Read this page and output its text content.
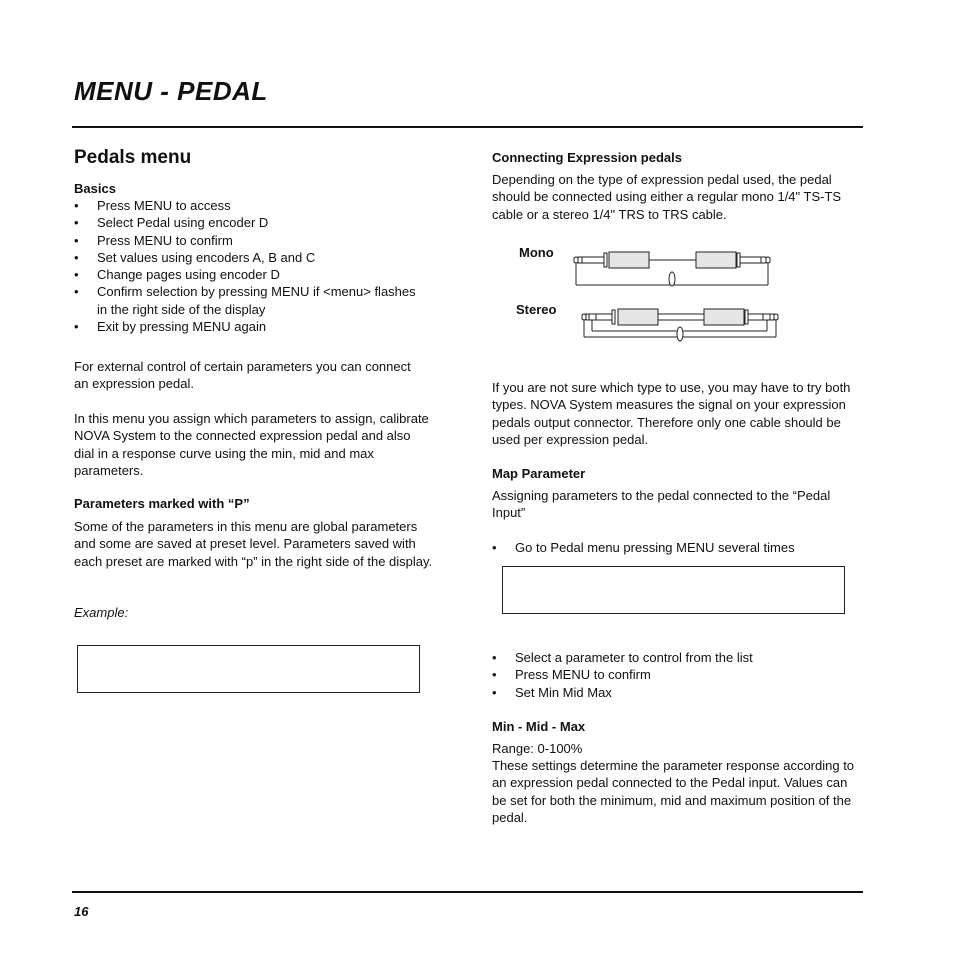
MENU - PEDAL
Pedals menu
Basics
• Press MENU to access
• Select Pedal using encoder D
• Press MENU to confirm
• Set values using encoders A, B and C
• Change pages using encoder D
• Confirm selection by pressing MENU if <menu> flashes in the right side of the display
• Exit by pressing MENU again
For external control of certain parameters you can connect an expression pedal.
In this menu you assign which parameters to assign, calibrate NOVA System to the connected expression pedal and also dial in a response curve using the min, mid and max parameters.
Parameters marked with “P”
Some of the parameters in this menu are global parameters and some are saved at preset level. Parameters saved with each preset are marked with “p” in the right side of the display.
Example:

Connecting Expression pedals
Depending on the type of expression pedal used, the pedal should be connected using either a regular mono 1/4" TS-TS cable or a stereo 1/4" TRS to TRS cable.
Mono
Stereo
If you are not sure which type to use, you may have to try both types. NOVA System measures the signal on your expression pedals output connector. Therefore only one cable should be used per expression pedal.
Map Parameter
Assigning parameters to the pedal connected to the “Pedal Input”
• Go to Pedal menu pressing MENU several times

• Select a parameter to control from the list
• Press MENU to confirm
• Set Min Mid Max
Min - Mid - Max
Range: 0-100%
These settings determine the parameter response according to an expression pedal connected to the Pedal input. Values can be set for both the minimum, mid and maximum position of the pedal.
16
